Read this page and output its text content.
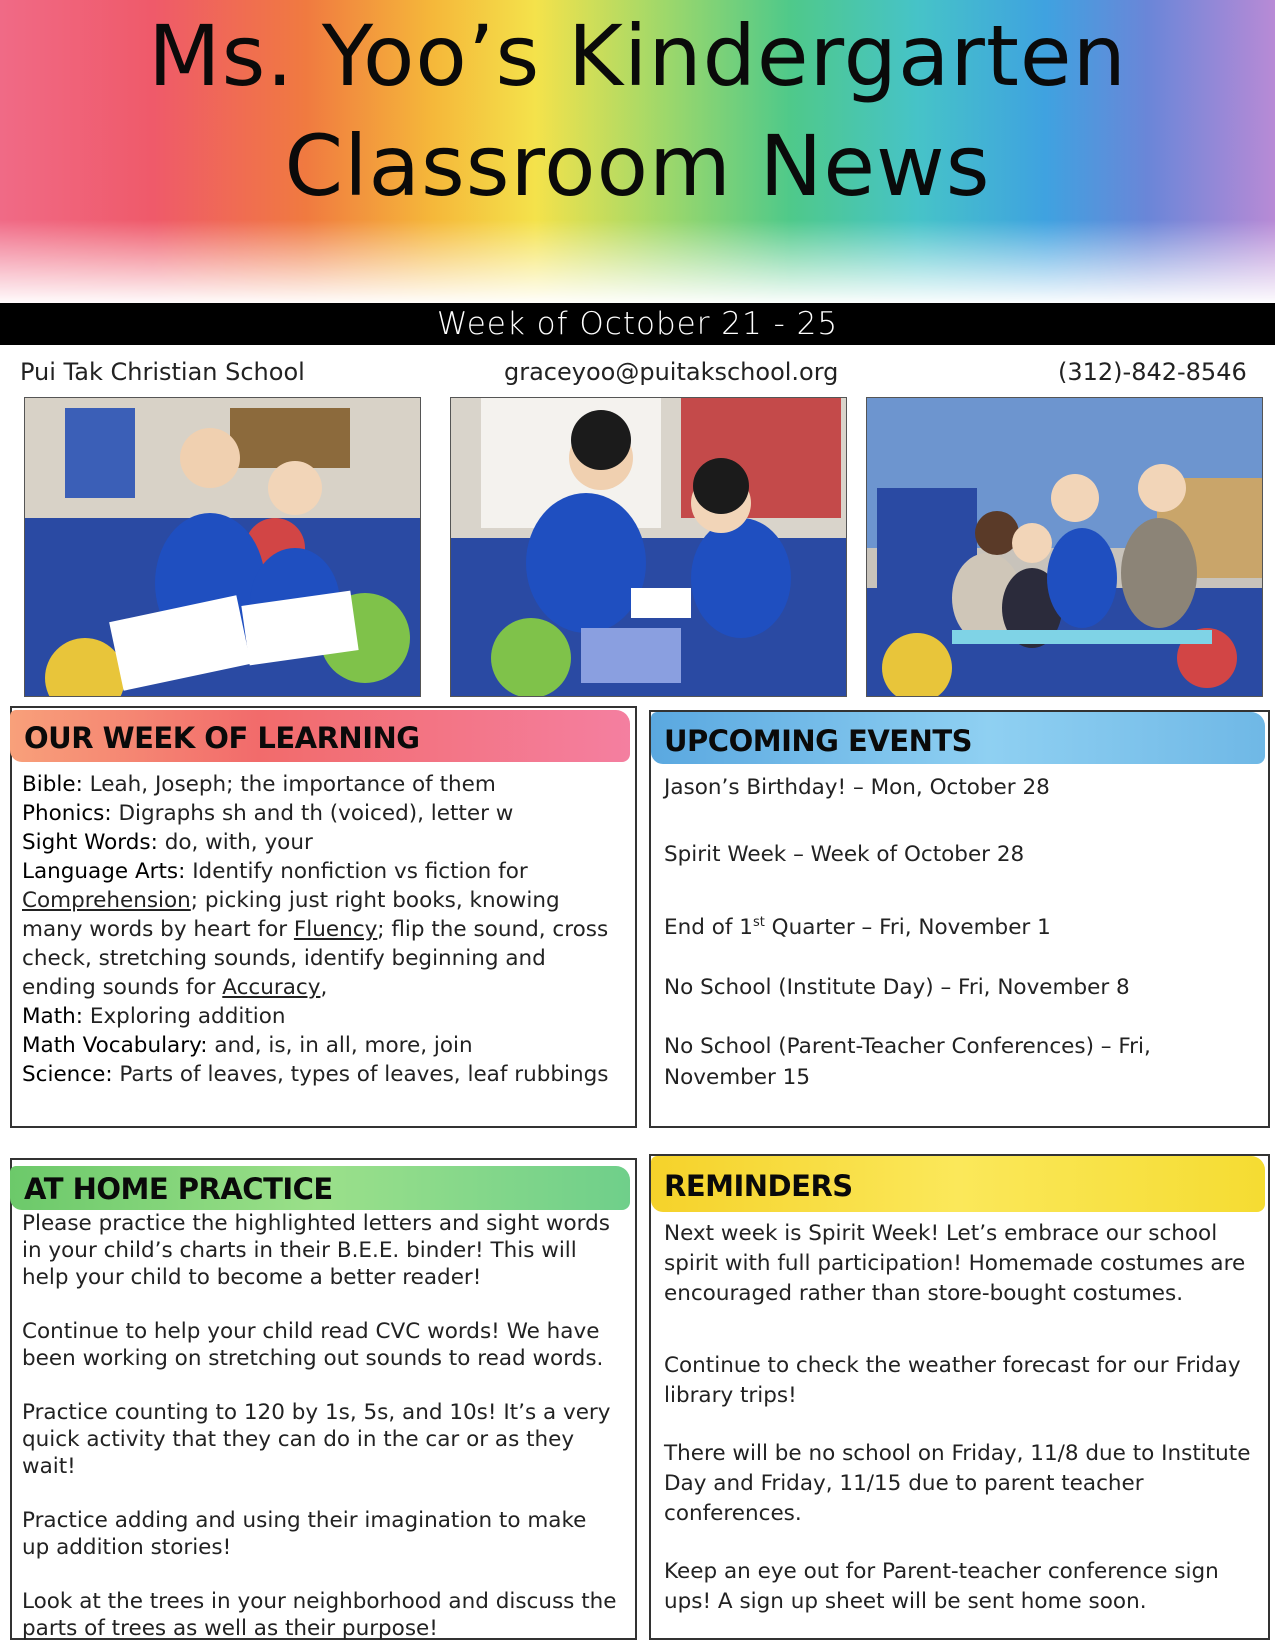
Ms. Yoo’s Kindergarten
Classroom News
Week of October 21 - 25
Pui Tak Christian School	graceyoo@puitakschool.org	(312)-842-8546
OUR WEEK OF LEARNING

Bible: Leah, Joseph; the importance of them

Phonics: Digraphs sh and th (voiced), letter w

Sight Words: do, with, your

Language Arts: Identify nonfiction vs fiction for Comprehension; picking just right books, knowing many words by heart for Fluency; flip the sound, cross check, stretching sounds, identify beginning and ending sounds for Accuracy,

Math: Exploring addition

Math Vocabulary: and, is, in all, more, join

Science: Parts of leaves, types of leaves, leaf rubbings

UPCOMING EVENTS

Jason’s Birthday! – Mon, October 28

Spirit Week – Week of October 28

End of 1st Quarter – Fri, November 1

No School (Institute Day) – Fri, November 8

No School (Parent-Teacher Conferences) – Fri, November 15

AT HOME PRACTICE

Please practice the highlighted letters and sight words in your child’s charts in their B.E.E. binder! This will help your child to become a better reader!

Continue to help your child read CVC words! We have been working on stretching out sounds to read words.

Practice counting to 120 by 1s, 5s, and 10s! It’s a very quick activity that they can do in the car or as they wait!

Practice adding and using their imagination to make up addition stories!

Look at the trees in your neighborhood and discuss the parts of trees as well as their purpose!

REMINDERS

Next week is Spirit Week! Let’s embrace our school spirit with full participation! Homemade costumes are encouraged rather than store-bought costumes.

Continue to check the weather forecast for our Friday library trips!

There will be no school on Friday, 11/8 due to Institute Day and Friday, 11/15 due to parent teacher conferences.

Keep an eye out for Parent-teacher conference sign ups! A sign up sheet will be sent home soon.
